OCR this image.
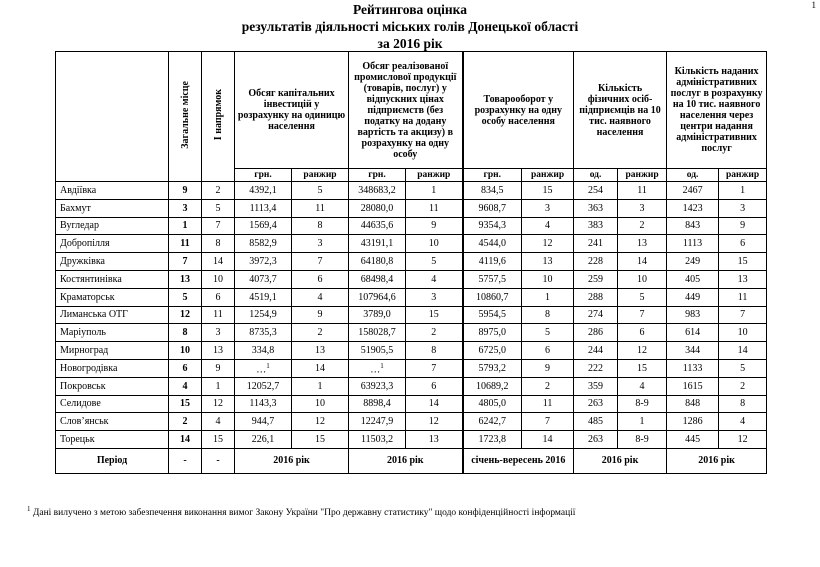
Рейтингова оцінка
результатів діяльності міських голів Донецької області
за 2016 рік
1
	Загальне місце	І напрямок	Обсяг капітальних інвестицій у розрахунку на одиницю населення		Обсяг реалізованої промислової продукції (товарів, послуг) у відпускних цінах підприємств (без податку на додану вартість та акцизу) в розрахунку на одну особу		Товарооборот у розрахунку на одну особу населення		Кількість фізичних осіб-підприємців на 10 тис. наявного населення		Кількість наданих адміністративних послуг в розрахунку на 10 тис. наявного населення через центри надання адміністративних послуг	
			грн.	ранжир	грн.	ранжир	грн.	ранжир	од.	ранжир	од.	ранжир
Авдіївка	9	2	4392,1	5	348683,2	1	834,5	15	254	11	2467	1
Бахмут	3	5	1113,4	11	28080,0	11	9608,7	3	363	3	1423	3
Вугледар	1	7	1569,4	8	44635,6	9	9354,3	4	383	2	843	9
Добропілля	11	8	8582,9	3	43191,1	10	4544,0	12	241	13	1113	6
Дружківка	7	14	3972,3	7	64180,8	5	4119,6	13	228	14	249	15
Костянтинівка	13	10	4073,7	6	68498,4	4	5757,5	10	259	10	405	13
Краматорськ	5	6	4519,1	4	107964,6	3	10860,7	1	288	5	449	11
Лиманська ОТГ	12	11	1254,9	9	3789,0	15	5954,5	8	274	7	983	7
Маріуполь	8	3	8735,3	2	158028,7	2	8975,0	5	286	6	614	10
Мирноград	10	13	334,8	13	51905,5	8	6725,0	6	244	12	344	14
Новогродівка	6	9	…$^1$	14	…$^1$	7	5793,2	9	222	15	1133	5
Покровськ	4	1	12052,7	1	63923,3	6	10689,2	2	359	4	1615	2
Селидове	15	12	1143,3	10	8898,4	14	4805,0	11	263	8-9	848	8
Слов’янськ	2	4	944,7	12	12247,9	12	6242,7	7	485	1	1286	4
Торецьк	14	15	226,1	15	11503,2	13	1723,8	14	263	8-9	445	12
Період	-	-	2016 рік		2016 рік		січень-вересень 2016		2016 рік		2016 рік	
$^1$ Дані вилучено з метою забезпечення виконання вимог Закону України "Про державну статистику" щодо конфіденційності інформації
